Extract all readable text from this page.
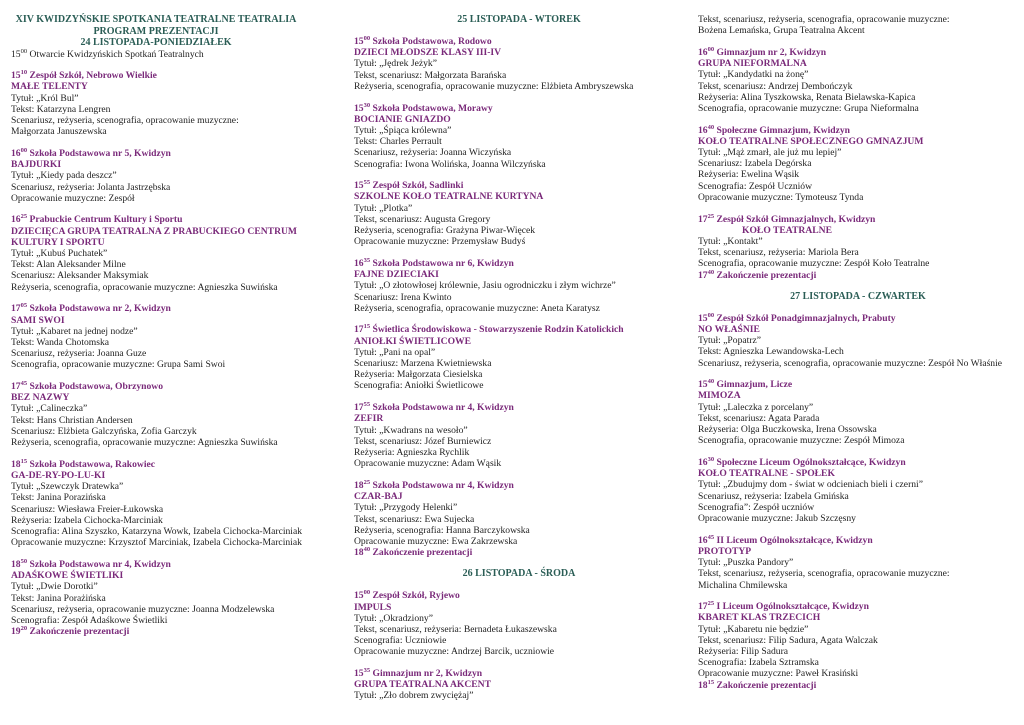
XIV KWIDZYŃSKIE SPOTKANIA TEATRALNE TEATRALIA
PROGRAM PREZENTACJI
24 LISTOPADA-PONIEDZIAŁEK
$15^{00}$ Otwarcie Kwidzyńskich Spotkań Teatralnych
$15^{10}$ Zespół Szkół, Nebrowo Wielkie
MAŁE TELENTY
Tytuł: „Król Bul”
Tekst: Katarzyna Lengren
Scenariusz, reżyseria, scenografia, opracowanie muzyczne:
Małgorzata Januszewska
$16^{00}$ Szkoła Podstawowa nr 5, Kwidzyn
BAJDURKI
Tytuł: „Kiedy pada deszcz”
Scenariusz, reżyseria: Jolanta Jastrzębska
Opracowanie muzyczne: Zespół
$16^{25}$ Prabuckie Centrum Kultury i Sportu
DZIECIĘCA GRUPA TEATRALNA Z PRABUCKIEGO CENTRUM KULTURY I SPORTU
Tytuł: „Kubuś Puchatek”
Tekst: Alan Aleksander Milne
Scenariusz: Aleksander Maksymiak
Reżyseria, scenografia, opracowanie muzyczne: Agnieszka Suwińska
$17^{05}$ Szkoła Podstawowa nr 2, Kwidzyn
SAMI SWOI
Tytuł: „Kabaret na jednej nodze”
Tekst: Wanda Chotomska
Scenariusz, reżyseria: Joanna Guze
Scenografia, opracowanie muzyczne: Grupa Sami Swoi
$17^{45}$ Szkoła Podstawowa, Obrzynowo
BEZ NAZWY
Tytuł: „Calineczka”
Tekst: Hans Christian Andersen
Scenariusz: Elżbieta Galczyńska, Zofia Garczyk
Reżyseria, scenografia, opracowanie muzyczne: Agnieszka Suwińska
$18^{15}$ Szkoła Podstawowa, Rakowiec
GA-DE-RY-PO-LU-KI
Tytuł: „Szewczyk Dratewka”
Tekst: Janina Porazińska
Scenariusz: Wiesława Freier-Łukowska
Reżyseria: Izabela Cichocka-Marciniak
Scenografia: Alina Szyszko, Katarzyna Wowk, Izabela Cichocka-Marciniak
Opracowanie muzyczne: Krzysztof Marciniak, Izabela Cichocka-Marciniak
$18^{50}$ Szkoła Podstawowa nr 4, Kwidzyn
ADAŚKOWE ŚWIETLIKI
Tytuł: „Dwie Dorotki”
Tekst: Janina Porażińska
Scenariusz, reżyseria, opracowanie muzyczne: Joanna Modzelewska
Scenografia: Zespół Adaśkowe Świetliki
$19^{20}$ Zakończenie prezentacji
25 LISTOPADA - WTOREK
$15^{00}$ Szkoła Podstawowa, Rodowo
DZIECI MŁODSZE KLASY III-IV
Tytuł: „Jędrek Jeżyk”
Tekst, scenariusz: Małgorzata Barańska
Reżyseria, scenografia, opracowanie muzyczne: Elżbieta Ambryszewska
$15^{30}$ Szkoła Podstawowa, Morawy
BOCIANIE GNIAZDO
Tytuł: „Śpiąca królewna”
Tekst: Charles Perrault
Scenariusz, reżyseria: Joanna Wiczyńska
Scenografia: Iwona Wolińska, Joanna Wilczyńska
$15^{55}$ Zespół Szkół, Sadlinki
SZKOLNE KOŁO TEATRALNE KURTYNA
Tytuł: „Plotka”
Tekst, scenariusz: Augusta Gregory
Reżyseria, scenografia: Grażyna Piwar-Więcek
Opracowanie muzyczne: Przemysław Budyś
$16^{35}$ Szkoła Podstawowa nr 6, Kwidzyn
FAJNE DZIECIAKI
Tytuł: „O złotowłosej królewnie, Jasiu ogrodniczku i złym wichrze”
Scenariusz: Irena Kwinto
Reżyseria, scenografia, opracowanie muzyczne: Aneta Karatysz
$17^{15}$ Świetlica Środowiskowa - Stowarzyszenie Rodzin Katolickich
ANIOŁKI ŚWIETLICOWE
Tytuł: „Pani na opal”
Scenariusz: Marzena Kwietniewska
Reżyseria: Małgorzata Ciesielska
Scenografia: Aniołki Świetlicowe
$17^{55}$ Szkoła Podstawowa nr 4, Kwidzyn
ZEFIR
Tytuł: „Kwadrans na wesoło”
Tekst, scenariusz: Józef Burniewicz
Reżyseria: Agnieszka Rychlik
Opracowanie muzyczne: Adam Wąsik
$18^{25}$ Szkoła Podstawowa nr 4, Kwidzyn
CZAR-BAJ
Tytuł: „Przygody Helenki”
Tekst, scenariusz: Ewa Sujecka
Reżyseria, scenografia: Hanna Barczykowska
Opracowanie muzyczne: Ewa Zakrzewska
$18^{40}$ Zakończenie prezentacji
26 LISTOPADA - ŚRODA
$15^{00}$ Zespół Szkół, Ryjewo
IMPULS
Tytuł: „Okradziony”
Tekst, scenariusz, reżyseria: Bernadeta Łukaszewska
Scenografia: Uczniowie
Opracowanie muzyczne: Andrzej Barcik, uczniowie
$15^{35}$ Gimnazjum nr 2, Kwidzyn
GRUPA TEATRALNA AKCENT
Tytuł: „Zło dobrem zwyciężaj”
Tekst, scenariusz, reżyseria, scenografia, opracowanie muzyczne:
Bożena Lemańska, Grupa Teatralna Akcent
$16^{00}$ Gimnazjum nr 2, Kwidzyn
GRUPA NIEFORMALNA
Tytuł: „Kandydatki na żonę”
Tekst, scenariusz: Andrzej Dembończyk
Reżyseria: Alina Tyszkowska, Renata Bielawska-Kapica
Scenografia, opracowanie muzyczne: Grupa Nieformalna
$16^{40}$ Społeczne Gimnazjum, Kwidzyn
KOŁO TEATRALNE SPOŁECZNEGO GMNAZJUM
Tytuł: „Mąż zmarł, ale już mu lepiej”
Scenariusz: Izabela Degórska
Reżyseria: Ewelina Wąsik
Scenografia: Zespół Uczniów
Opracowanie muzyczne: Tymoteusz Tynda
$17^{25}$ Zespół Szkół Gimnazjalnych, Kwidzyn
KOŁO TEATRALNE
Tytuł: „Kontakt”
Tekst, scenariusz, reżyseria: Mariola Bera
Scenografia, opracowanie muzyczne: Zespół Koło Teatralne
$17^{40}$ Zakończenie prezentacji
27 LISTOPADA - CZWARTEK
$15^{00}$ Zespół Szkół Ponadgimnazjalnych, Prabuty
NO WŁAŚNIE
Tytuł: „Popatrz”
Tekst: Agnieszka Lewandowska-Lech
Scenariusz, reżyseria, scenografia, opracowanie muzyczne: Zespół No Właśnie
$15^{40}$ Gimnazjum, Licze
MIMOZA
Tytuł: „Laleczka z porcelany”
Tekst, scenariusz: Agata Parada
Reżyseria: Olga Buczkowska, Irena Ossowska
Scenografia, opracowanie muzyczne: Zespół Mimoza
$16^{30}$ Społeczne Liceum Ogólnokształcące, Kwidzyn
KOŁO TEATRALNE - SPOŁEK
Tytuł: „Zbudujmy dom - świat w odcieniach bieli i czerni”
Scenariusz, reżyseria: Izabela Gmińska
Scenografia”: Zespół uczniów
Opracowanie muzyczne: Jakub Szczęsny
$16^{45}$ II Liceum Ogólnokształcące, Kwidzyn
PROTOTYP
Tytuł: „Puszka Pandory”
Tekst, scenariusz, reżyseria, scenografia, opracowanie muzyczne:
Michalina Chmilewska
$17^{25}$ I Liceum Ogólnokształcące, Kwidzyn
KBARET KLAS TRZECICH
Tytuł: „Kabaretu nie będzie”
Tekst, scenariusz: Filip Sadura, Agata Walczak
Reżyseria: Filip Sadura
Scenografia: Izabela Sztramska
Opracowanie muzyczne: Paweł Krasiński
$18^{15}$ Zakończenie prezentacji
